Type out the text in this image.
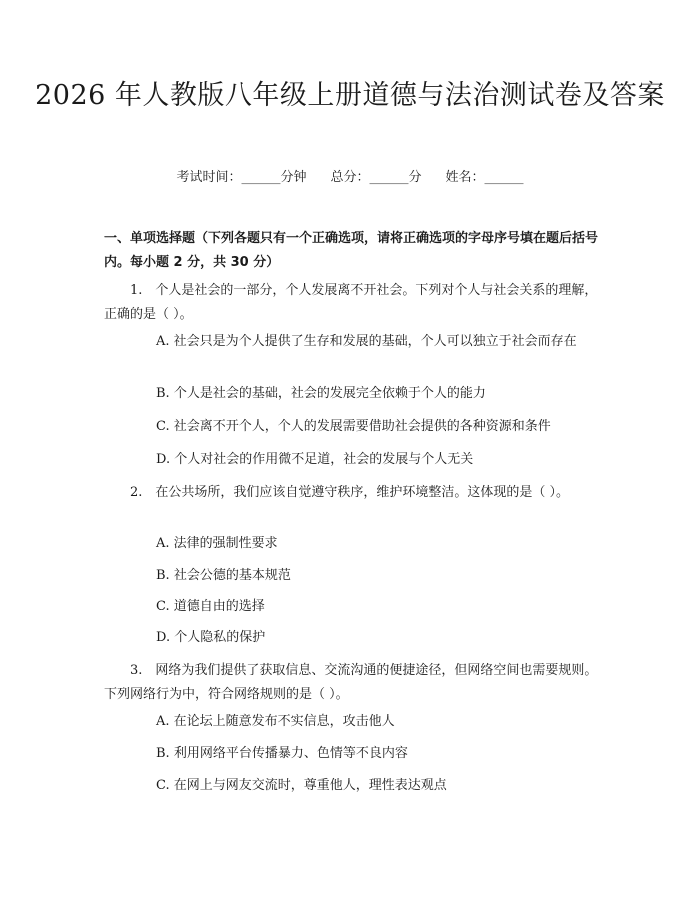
2026 年人教版八年级上册道德与法治测试卷及答案
考试时间：______分钟 总分：______分 姓名：______
一、单项选择题（下列各题只有一个正确选项，请将正确选项的字母序号填在题后括号内。每小题 2 分，共 30 分）
1.　个人是社会的一部分，个人发展离不开社会。下列对个人与社会关系的理解，正确的是（ ）。
A. 社会只是为个人提供了生存和发展的基础，个人可以独立于社会而存在
B. 个人是社会的基础，社会的发展完全依赖于个人的能力
C. 社会离不开个人，个人的发展需要借助社会提供的各种资源和条件
D. 个人对社会的作用微不足道，社会的发展与个人无关
2.　在公共场所，我们应该自觉遵守秩序，维护环境整洁。这体现的是（ ）。
A. 法律的强制性要求
B. 社会公德的基本规范
C. 道德自由的选择
D. 个人隐私的保护
3.　网络为我们提供了获取信息、交流沟通的便捷途径，但网络空间也需要规则。下列网络行为中，符合网络规则的是（ ）。
A. 在论坛上随意发布不实信息，攻击他人
B. 利用网络平台传播暴力、色情等不良内容
C. 在网上与网友交流时，尊重他人，理性表达观点
